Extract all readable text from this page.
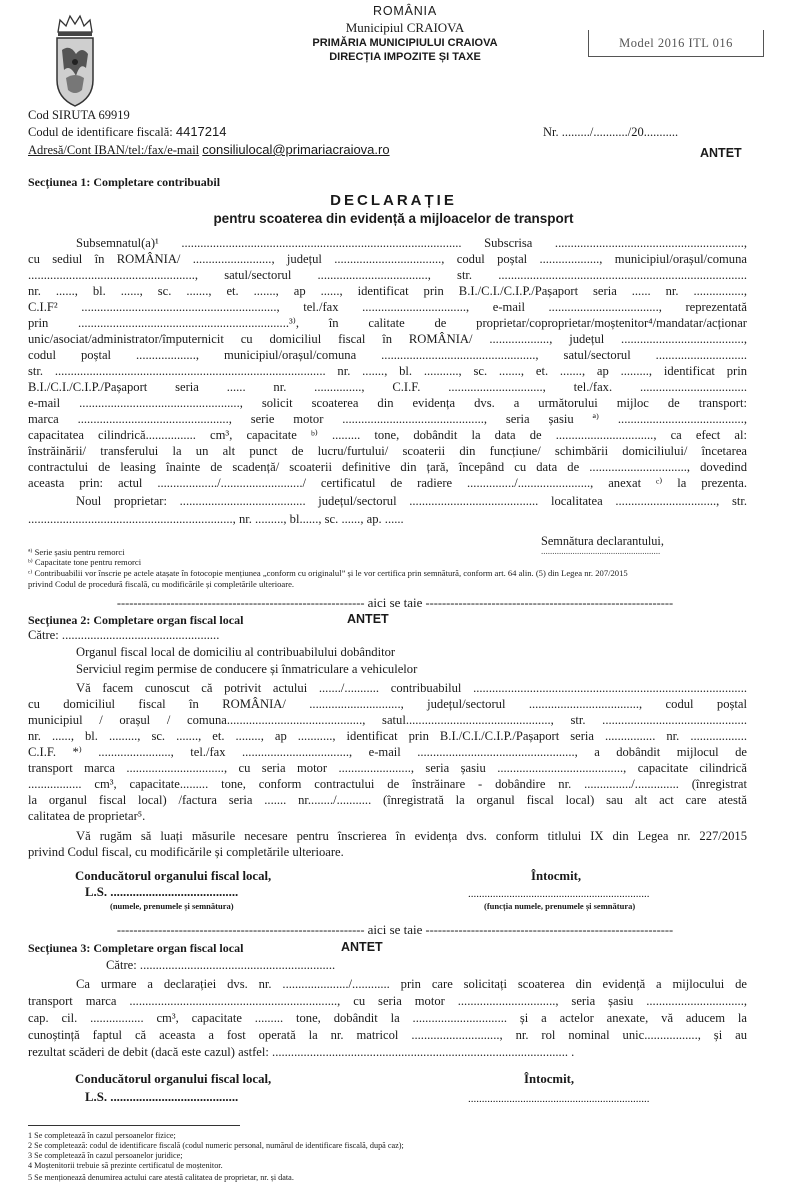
ROMÂNIA
Municipiul CRAIOVA
PRIMĂRIA MUNICIPIULUI CRAIOVA
DIRECȚIA IMPOZITE ȘI TAXE
Model 2016 ITL 016
Cod SIRUTA 69919
Codul de identificare fiscală: 4417214
Adresă/Cont IBAN/tel:/fax/e-mail consiliulocal@primariacraiova.ro
Nr. ........./.........../20...........
ANTET
Secțiunea 1: Completare contribuabil
DECLARAȚIE
pentru scoaterea din evidență a mijloacelor de transport
Subsemnatul(a)¹ ......................................................................................... Subscrisa ............................................................,
cu sediul în ROMÂNIA/ ........................., județul .................................., codul poștal ..................., municipiul/orașul/comuna
....................................................., satul/sectorul ..................................., str. ...............................................................................
nr. ......, bl. ......, sc. ......., et. ......., ap ......, identificat prin B.I./C.I./C.I.P./Pașaport seria ...... nr. ................,
C.I.F² .............................................................., tel./fax ................................., e-mail ..................................., reprezentată
prin ...................................................................³⁾, în calitate de proprietar/coproprietar/moștenitor⁴/mandatar/acționar
unic/asociat/administrator/împuternicit cu domiciliul fiscal în ROMÂNIA/ ..................., județul .......................................,
codul poștal ..................., municipiul/orașul/comuna ................................................., satul/sectorul .............................
str. ...................................................................................... nr. ......., bl. ..........., sc. ......., et. ......., ap ........., identificat prin
B.I./C.I./C.I.P./Pașaport seria ...... nr. ..............., C.I.F. .............................., tel./fax. ..................................
e-mail ..................................................., solicit scoaterea din evidența dvs. a următorului mijloc de transport:
marca ................................................, serie motor ............................................., seria șasiu ª⁾ ........................................,
capacitatea cilindrică................ cm³, capacitate ᵇ⁾ ......... tone, dobândit la data de ..............................., ca efect al:
înstrăinării/ transferului la un alt punct de lucru/furtului/ scoaterii din funcțiune/ schimbării domiciliului/ încetarea
contractului de leasing înainte de scadență/ scoaterii definitive din țară, începând cu data de ..............................., dovedind
aceasta prin: actul .................../........................../ certificatul de radiere .............../......................., anexat ᶜ⁾ la prezenta.
Noul proprietar: ........................................ județul/sectorul ......................................... localitatea ................................, str.
................................................................., nr. ........., bl......, sc. ......, ap. ......
Semnătura declarantului,
.....................................................
ª⁾ Serie șasiu pentru remorci
ᵇ⁾ Capacitate tone pentru remorci
ᶜ⁾ Contribuabilii vor înscrie pe actele atașate în fotocopie mențiunea „conform cu originalul” și le vor certifica prin semnătură, conform art. 64 alin. (5) din Legea nr. 207/2015
privind Codul de procedură fiscală, cu modificările și completările ulterioare.
------------------------------------------------------------ aici se taie ------------------------------------------------------------
Secțiunea 2: Completare organ fiscal local	ANTET
Către: ..................................................
Organul fiscal local de domiciliu al contribuabilului dobânditor
Serviciul regim permise de conducere și înmatriculare a vehiculelor
Vă facem cunoscut că potrivit actului ......./........... contribuabilul .......................................................................................
cu domiciliul fiscal în ROMÂNIA/ ............................., județul/sectorul ..................................., codul poștal
municipiul / orașul / comuna..........................................., satul.............................................., str. ..............................................
nr. ......, bl. ........., sc. ......., et. ........, ap ..........., identificat prin B.I./C.I./C.I.P./Pașaport seria ................ nr. ..................
C.I.F. *⁾ ......................., tel./fax .................................., e-mail .................................................., a dobândit mijlocul de
transport marca ..............................., cu seria motor ......................., seria șasiu ........................................, capacitate cilindrică
................. cm³, capacitate......... tone, conform contractului de înstrăinare - dobândire nr. .............../.............. (înregistrat
la organul fiscal local) /factura seria ....... nr......../........... (înregistrată la organul fiscal local) sau alt act care atestă
calitatea de proprietar⁵.
Vă rugăm să luați măsurile necesare pentru înscrierea în evidența dvs. conform titlului IX din Legea nr. 227/2015
privind Codul fiscal, cu modificările și completările ulterioare.
Conducătorul organului fiscal local,
L.S. ........................................
(numele, prenumele și semnătura)
Întocmit,
..................................................................
(funcția numele, prenumele și semnătura)
------------------------------------------------------------ aici se taie ------------------------------------------------------------
Secțiunea 3: Completare organ fiscal local	ANTET
Către: ..............................................................
Ca urmare a declarației dvs. nr. ...................../............ prin care solicitați scoaterea din evidență a mijlocului de
transport marca .................................................................., cu seria motor ..............................., seria șasiu ...............................,
cap. cil. ................. cm³, capacitate ......... tone, dobândit la .............................. și a actelor anexate, vă aducem la
cunoștință faptul că aceasta a fost operată la nr. matricol ............................, nr. rol nominal unic................., și au
rezultat scăderi de debit (dacă este cazul) astfel: .............................................................................................. .
Conducătorul organului fiscal local,
L.S. ........................................
Întocmit,
..................................................................
1 Se completează în cazul persoanelor fizice;
2 Se completează: codul de identificare fiscală (codul numeric personal, numărul de identificare fiscală, după caz);
3 Se completează în cazul persoanelor juridice;
4 Moștenitorii trebuie să prezinte certificatul de moștenitor.
5 Se menționează denumirea actului care atestă calitatea de proprietar, nr. și data.
